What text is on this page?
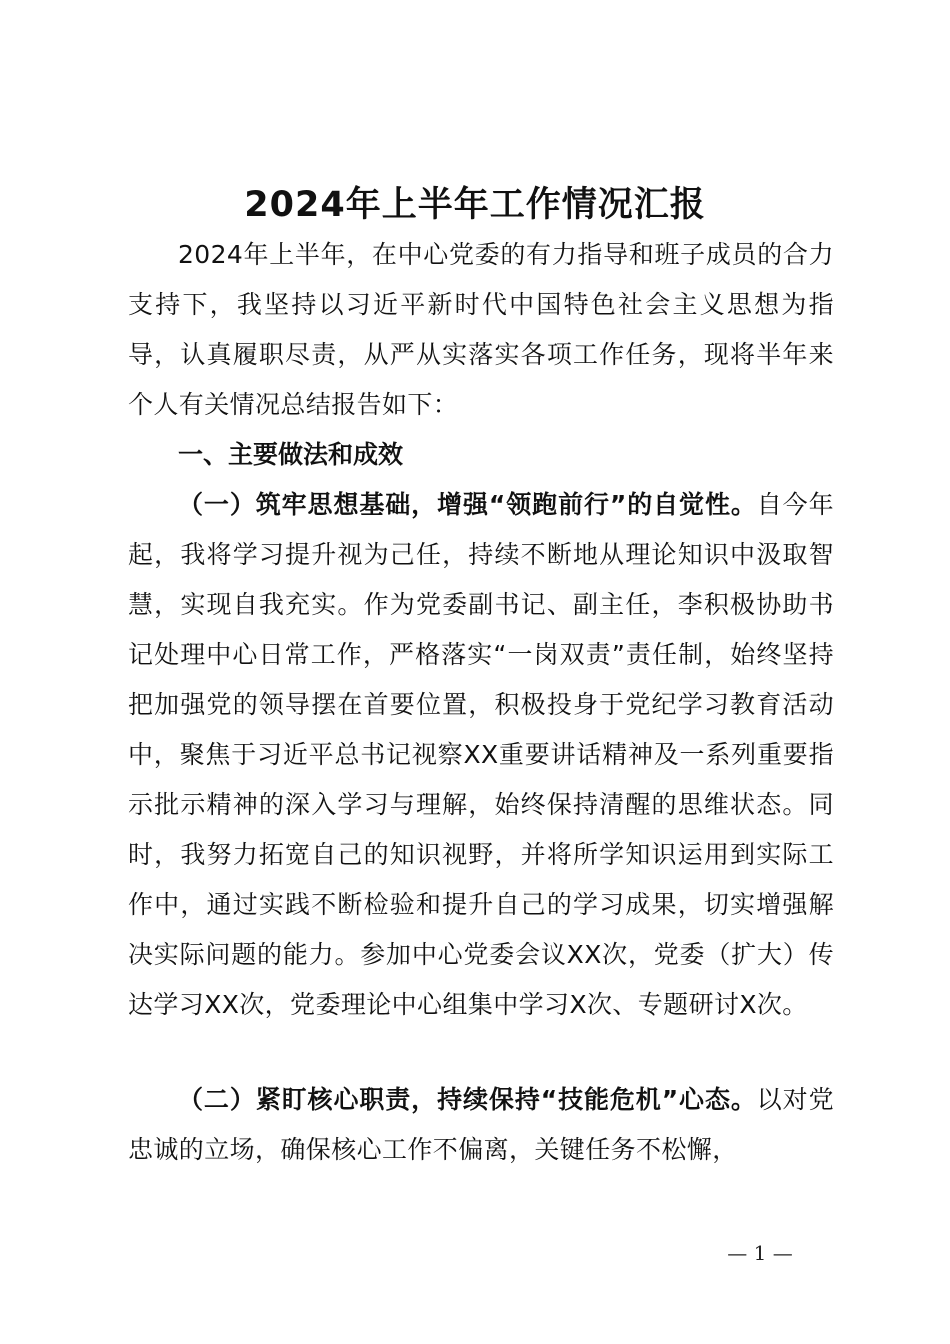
2024年上半年工作情况汇报
2024年上半年，在中心党委的有力指导和班子成员的合力支持下，我坚持以习近平新时代中国特色社会主义思想为指导，认真履职尽责，从严从实落实各项工作任务，现将半年来个人有关情况总结报告如下：
一、主要做法和成效
（一）筑牢思想基础，增强“领跑前行”的自觉性。自今年起，我将学习提升视为己任，持续不断地从理论知识中汲取智慧，实现自我充实。作为党委副书记、副主任，李积极协助书记处理中心日常工作，严格落实“一岗双责”责任制，始终坚持把加强党的领导摆在首要位置，积极投身于党纪学习教育活动中，聚焦于习近平总书记视察XX重要讲话精神及一系列重要指示批示精神的深入学习与理解，始终保持清醒的思维状态。同时，我努力拓宽自己的知识视野，并将所学知识运用到实际工作中，通过实践不断检验和提升自己的学习成果，切实增强解决实际问题的能力。参加中心党委会议XX次，党委（扩大）传达学习XX次，党委理论中心组集中学习X次、专题研讨X次。
（二）紧盯核心职责，持续保持“技能危机”心态。以对党忠诚的立场，确保核心工作不偏离，关键任务不松懈，
— 1 —
